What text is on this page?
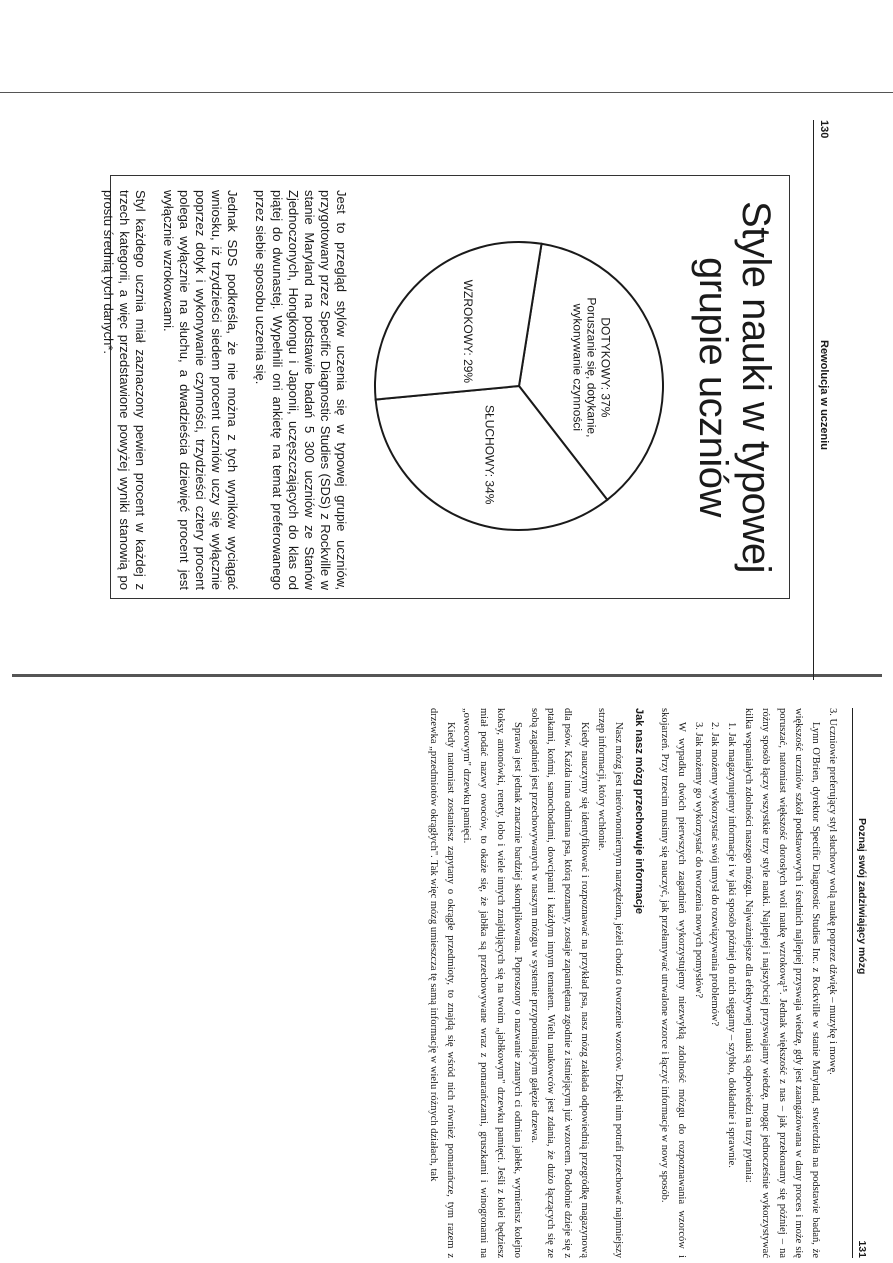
130
Rewolucja w uczeniu
Style nauki w typowej grupie uczniów
DOTYKOWY: 37%
Poruszanie się, dotykanie,
wykonywanie czynności
SŁUCHOWY: 34%
WZROKOWY: 29%

Jest to przegląd stylów uczenia się w typowej grupie uczniów, przygotowany przez Specific Diagnostic Studies (SDS) z Rockville w stanie Maryland na podstawie badań 5 300 uczniów ze Stanów Zjednoczonych, Hongkongu i Japonii, uczęszczających do klas od piątej do dwunastej. Wypełnili oni ankietę na temat preferowanego przez siebie sposobu uczenia się.

Jednak SDS podkreśla, że nie można z tych wyników wyciągać wniosku, iż trzydzieści siedem procent uczniów uczy się wyłącznie poprzez dotyk i wykonywanie czynności, trzydzieści cztery procent polega wyłącznie na słuchu, a dwadzieścia dziewięć procent jest wyłącznie wzrokowcami.

Styl każdego ucznia miał zaznaczony pewien procent w każdej z trzech kategorii, a więc przedstawione powyżej wyniki stanowią po prostu średnią tych danych*.

Poznaj swój zadziwiający mózg
131

3. Uczniowie preferujący styl słuchowy wolą naukę poprzez dźwięk – muzykę i mowę.

Lynn O'Brien, dyrektor Specific Diagnostic Studies Inc. z Rockville w stanie Maryland, stwierdziła na podstawie badań, że większość uczniów szkół podstawowych i średnich najlepiej przyswaja wiedzę, gdy jest zaangażowana w dany proces i może się poruszać, natomiast większość dorosłych woli naukę wzrokową¹⁵. Jednak większość z nas – jak przekonamy się później – na różny sposób łączy wszystkie trzy style nauki. Najlepiej i najszybciej przyswajamy wiedzę, mogąc jednocześnie wykorzystywać kilka wspaniałych zdolności naszego mózgu. Najważniejsze dla efektywnej nauki są odpowiedzi na trzy pytania:

1. Jak magazynujemy informacje i w jaki sposób później do nich sięgamy – szybko, dokładnie i sprawnie.

2. Jak możemy wykorzystać swój umysł do rozwiązywania problemów?

3. Jak możemy go wykorzystać do tworzenia nowych pomysłów?

W wypadku dwóch pierwszych zagadnień wykorzystujemy niezwykłą zdolność mózgu do rozpoznawania wzorców i skojarzeń. Przy trzecim musimy się nauczyć, jak przełamywać utrwalone wzorce i łączyć informacje w nowy sposób.

Jak nasz mózg przechowuje informacje

Nasz mózg jest nierównomiernym narzędziem, jeżeli chodzi o tworzenie wzorców. Dzięki nim potrafi przechować najmniejszy strzęp informacji, który wchłonie.

Kiedy nauczymy się identyfikować i rozpoznawać na przykład psa, nasz mózg zakłada odpowiednią przegródkę magazynową dla psów. Każda inna odmiana psa, którą poznamy, zostaje zapamiętana zgodnie z istniejącym już wzorcem. Podobnie dzieje się z ptakami, końmi, samochodami, dowcipami i każdym innym tematem. Wielu naukowców jest zdania, że dużo łączących się ze sobą zagadnień jest przechowywanych w naszym mózgu w systemie przypominającym gałęzie drzewa.

Sprawa jest jednak znacznie bardziej skomplikowana. Poproszony o nazwanie znanych ci odmian jabłek, wymienisz kolejno koksy, antonówki, renety, lobo i wiele innych znajdujących się na twoim „jabłkowym" drzewku pamięci. Jeśli z kolei będziesz miał podać nazwy owoców, to okaże się, że jabłka są przechowywane wraz z pomarańczami, gruszkami i winogronami na „owocowym" drzewku pamięci.

Kiedy natomiast zostaniesz zapytany o okrągłe przedmioty, to znajdą się wśród nich również pomarańcze, tym razem z drzewka „przedmiotów okrągłych". Tak więc mózg umieszcza tę samą informację w wielu różnych działach, tak
